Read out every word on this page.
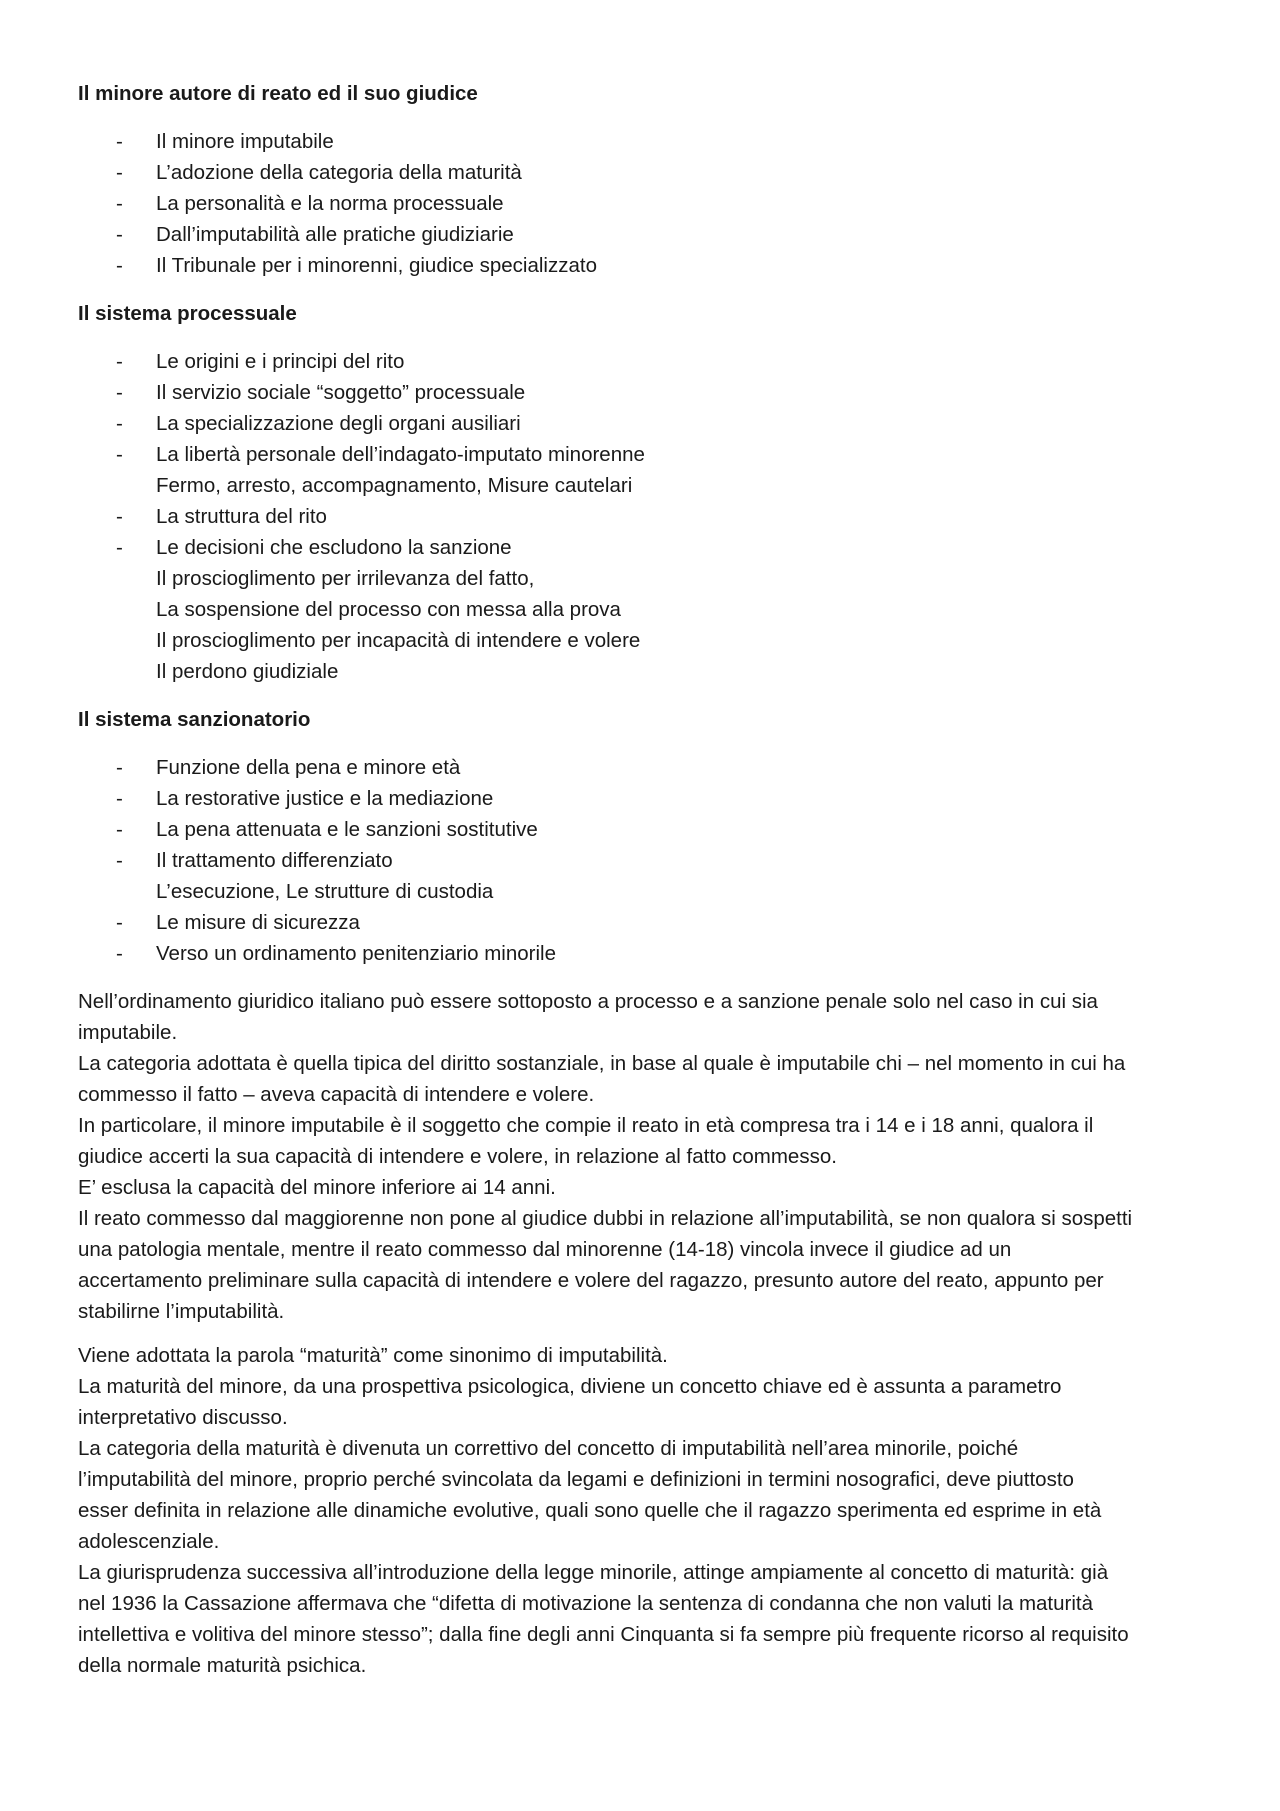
Il minore autore di reato ed il suo giudice
- Il minore imputabile
- L’adozione della categoria della maturità
- La personalità e la norma processuale
- Dall’imputabilità alle pratiche giudiziarie
- Il Tribunale per i minorenni, giudice specializzato
Il sistema processuale
- Le origini e i principi del rito
- Il servizio sociale “soggetto” processuale
- La specializzazione degli organi ausiliari
- La libertà personale dell’indagato-imputato minorenne
Fermo, arresto, accompagnamento, Misure cautelari
- La struttura del rito
- Le decisioni che escludono la sanzione
Il proscioglimento per irrilevanza del fatto,
La sospensione del processo con messa alla prova
Il proscioglimento per incapacità di intendere e volere
Il perdono giudiziale
Il sistema sanzionatorio
- Funzione della pena e minore età
- La restorative justice e la mediazione
- La pena attenuata e le sanzioni sostitutive
- Il trattamento differenziato
L’esecuzione, Le strutture di custodia
- Le misure di sicurezza
- Verso un ordinamento penitenziario minorile
Nell’ordinamento giuridico italiano può essere sottoposto a processo e a sanzione penale solo nel caso in cui sia
imputabile.
La categoria adottata è quella tipica del diritto sostanziale, in base al quale è imputabile chi – nel momento in cui ha
commesso il fatto – aveva capacità di intendere e volere.
In particolare, il minore imputabile è il soggetto che compie il reato in età compresa tra i 14 e i 18 anni, qualora il
giudice accerti la sua capacità di intendere e volere, in relazione al fatto commesso.
E’ esclusa la capacità del minore inferiore ai 14 anni.
Il reato commesso dal maggiorenne non pone al giudice dubbi in relazione all’imputabilità, se non qualora si sospetti
una patologia mentale, mentre il reato commesso dal minorenne (14-18) vincola invece il giudice ad un
accertamento preliminare sulla capacità di intendere e volere del ragazzo, presunto autore del reato, appunto per
stabilirne l’imputabilità.
Viene adottata la parola “maturità” come sinonimo di imputabilità.
La maturità del minore, da una prospettiva psicologica, diviene un concetto chiave ed è assunta a parametro
interpretativo discusso.
La categoria della maturità è divenuta un correttivo del concetto di imputabilità nell’area minorile, poiché
l’imputabilità del minore, proprio perché svincolata da legami e definizioni in termini nosografici, deve piuttosto
esser definita in relazione alle dinamiche evolutive, quali sono quelle che il ragazzo sperimenta ed esprime in età
adolescenziale.
La giurisprudenza successiva all’introduzione della legge minorile, attinge ampiamente al concetto di maturità: già
nel 1936 la Cassazione affermava che “difetta di motivazione la sentenza di condanna che non valuti la maturità
intellettiva e volitiva del minore stesso”; dalla fine degli anni Cinquanta si fa sempre più frequente ricorso al requisito
della normale maturità psichica.
